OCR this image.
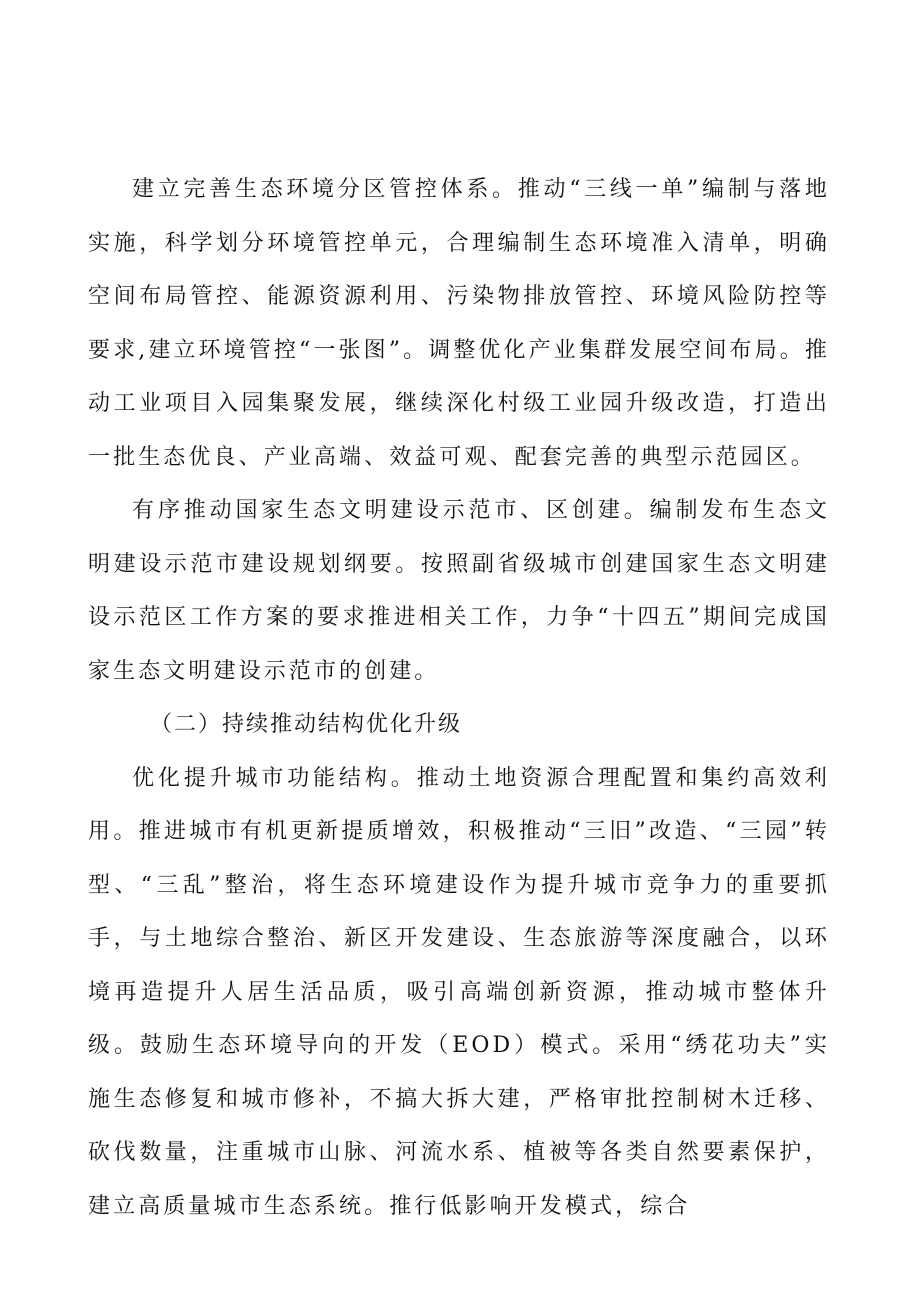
建立完善生态环境分区管控体系。推动“三线一单”编制与落地实施，科学划分环境管控单元，合理编制生态环境准入清单，明确空间布局管控、能源资源利用、污染物排放管控、环境风险防控等要求,建立环境管控“一张图”。调整优化产业集群发展空间布局。推动工业项目入园集聚发展，继续深化村级工业园升级改造，打造出一批生态优良、产业高端、效益可观、配套完善的典型示范园区。

有序推动国家生态文明建设示范市、区创建。编制发布生态文明建设示范市建设规划纲要。按照副省级城市创建国家生态文明建设示范区工作方案的要求推进相关工作，力争“十四五”期间完成国家生态文明建设示范市的创建。

（二）持续推动结构优化升级

优化提升城市功能结构。推动土地资源合理配置和集约高效利用。推进城市有机更新提质增效，积极推动“三旧”改造、“三园”转型、“三乱”整治，将生态环境建设作为提升城市竞争力的重要抓手，与土地综合整治、新区开发建设、生态旅游等深度融合，以环境再造提升人居生活品质，吸引高端创新资源，推动城市整体升级。鼓励生态环境导向的开发（EOD）模式。采用“绣花功夫”实施生态修复和城市修补，不搞大拆大建，严格审批控制树木迁移、砍伐数量，注重城市山脉、河流水系、植被等各类自然要素保护，建立高质量城市生态系统。推行低影响开发模式，综合
